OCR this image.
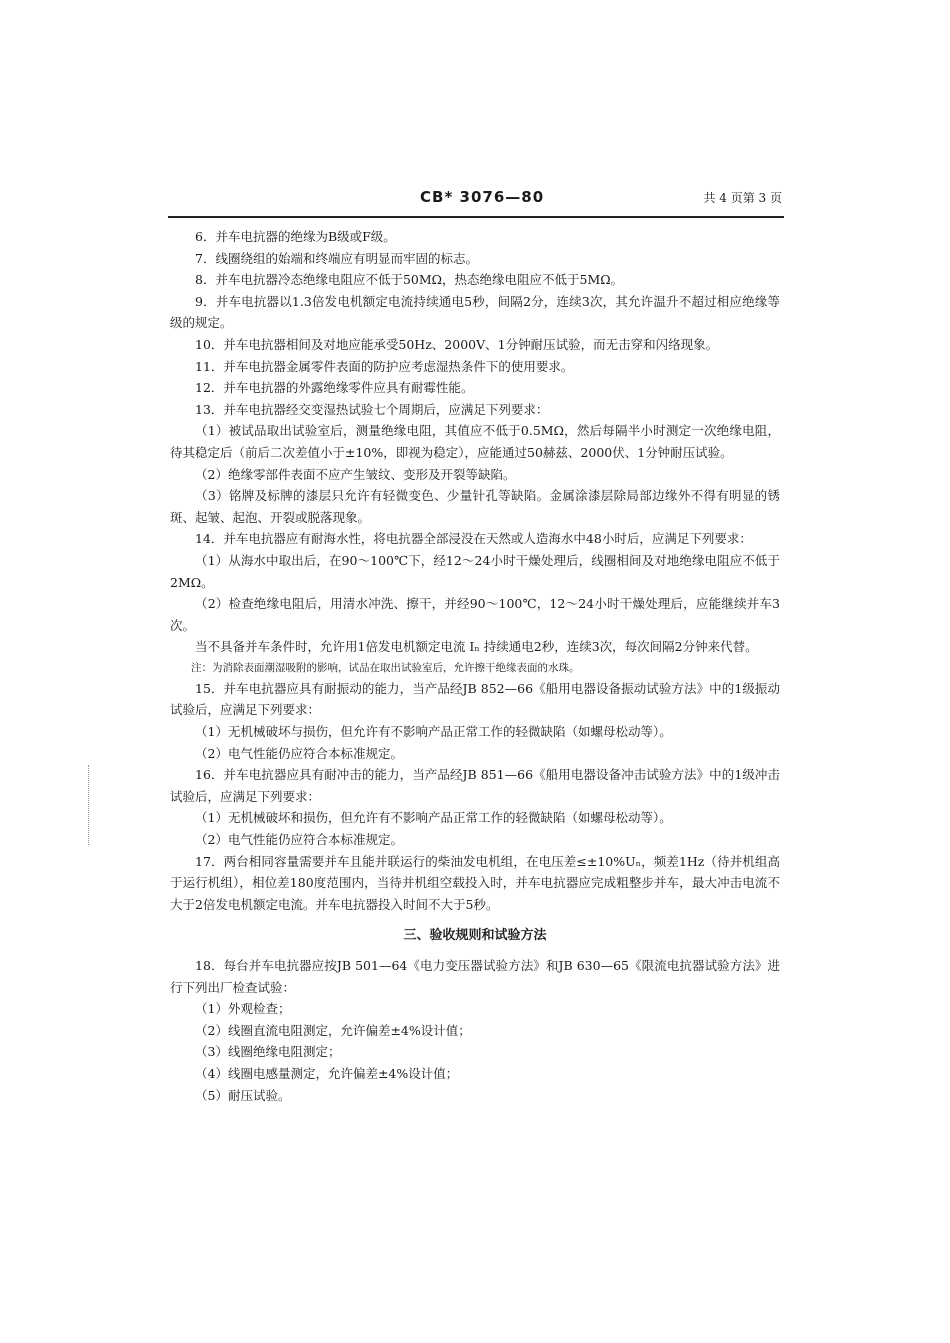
CB* 3076—80	共 4 页第 3 页

6．并车电抗器的绝缘为B级或F级。

7．线圈绕组的始端和终端应有明显而牢固的标志。

8．并车电抗器冷态绝缘电阻应不低于50MΩ，热态绝缘电阻应不低于5MΩ。

9．并车电抗器以1.3倍发电机额定电流持续通电5秒，间隔2分，连续3次，其允许温升不超过相应绝缘等级的规定。

10．并车电抗器相间及对地应能承受50Hz、2000V、1分钟耐压试验，而无击穿和闪络现象。

11．并车电抗器金属零件表面的防护应考虑湿热条件下的使用要求。

12．并车电抗器的外露绝缘零件应具有耐霉性能。

13．并车电抗器经交变湿热试验七个周期后，应满足下列要求：

（1）被试品取出试验室后，测量绝缘电阻，其值应不低于0.5MΩ，然后每隔半小时测定一次绝缘电阻，待其稳定后（前后二次差值小于±10%，即视为稳定），应能通过50赫兹、2000伏、1分钟耐压试验。

（2）绝缘零部件表面不应产生皱纹、变形及开裂等缺陷。

（3）铭牌及标牌的漆层只允许有轻微变色、少量针孔等缺陷。金属涂漆层除局部边缘外不得有明显的锈斑、起皱、起泡、开裂或脱落现象。

14．并车电抗器应有耐海水性，将电抗器全部浸没在天然或人造海水中48小时后，应满足下列要求：

（1）从海水中取出后，在90～100℃下，经12～24小时干燥处理后，线圈相间及对地绝缘电阻应不低于2MΩ。

（2）检查绝缘电阻后，用清水冲洗、擦干，并经90～100℃，12～24小时干燥处理后，应能继续并车3次。

当不具备并车条件时，允许用1倍发电机额定电流 Iₙ 持续通电2秒，连续3次，每次间隔2分钟来代替。

注：为消除表面潮湿吸附的影响，试品在取出试验室后，允许擦干绝缘表面的水珠。

15．并车电抗器应具有耐振动的能力，当产品经JB 852—66《船用电器设备振动试验方法》中的1级振动试验后，应满足下列要求：

（1）无机械破坏与损伤，但允许有不影响产品正常工作的轻微缺陷（如螺母松动等）。

（2）电气性能仍应符合本标准规定。

16．并车电抗器应具有耐冲击的能力，当产品经JB 851—66《船用电器设备冲击试验方法》中的1级冲击试验后，应满足下列要求：

（1）无机械破坏和损伤，但允许有不影响产品正常工作的轻微缺陷（如螺母松动等）。

（2）电气性能仍应符合本标准规定。

17．两台相同容量需要并车且能并联运行的柴油发电机组，在电压差≤±10%Uₙ，频差1Hz（待并机组高于运行机组），相位差180度范围内，当待并机组空载投入时，并车电抗器应完成粗整步并车，最大冲击电流不大于2倍发电机额定电流。并车电抗器投入时间不大于5秒。

三、验收规则和试验方法

18．每台并车电抗器应按JB 501—64《电力变压器试验方法》和JB 630—65《限流电抗器试验方法》进行下列出厂检查试验：

（1）外观检查；

（2）线圈直流电阻测定，允许偏差±4%设计值；

（3）线圈绝缘电阻测定；

（4）线圈电感量测定，允许偏差±4%设计值；

（5）耐压试验。
